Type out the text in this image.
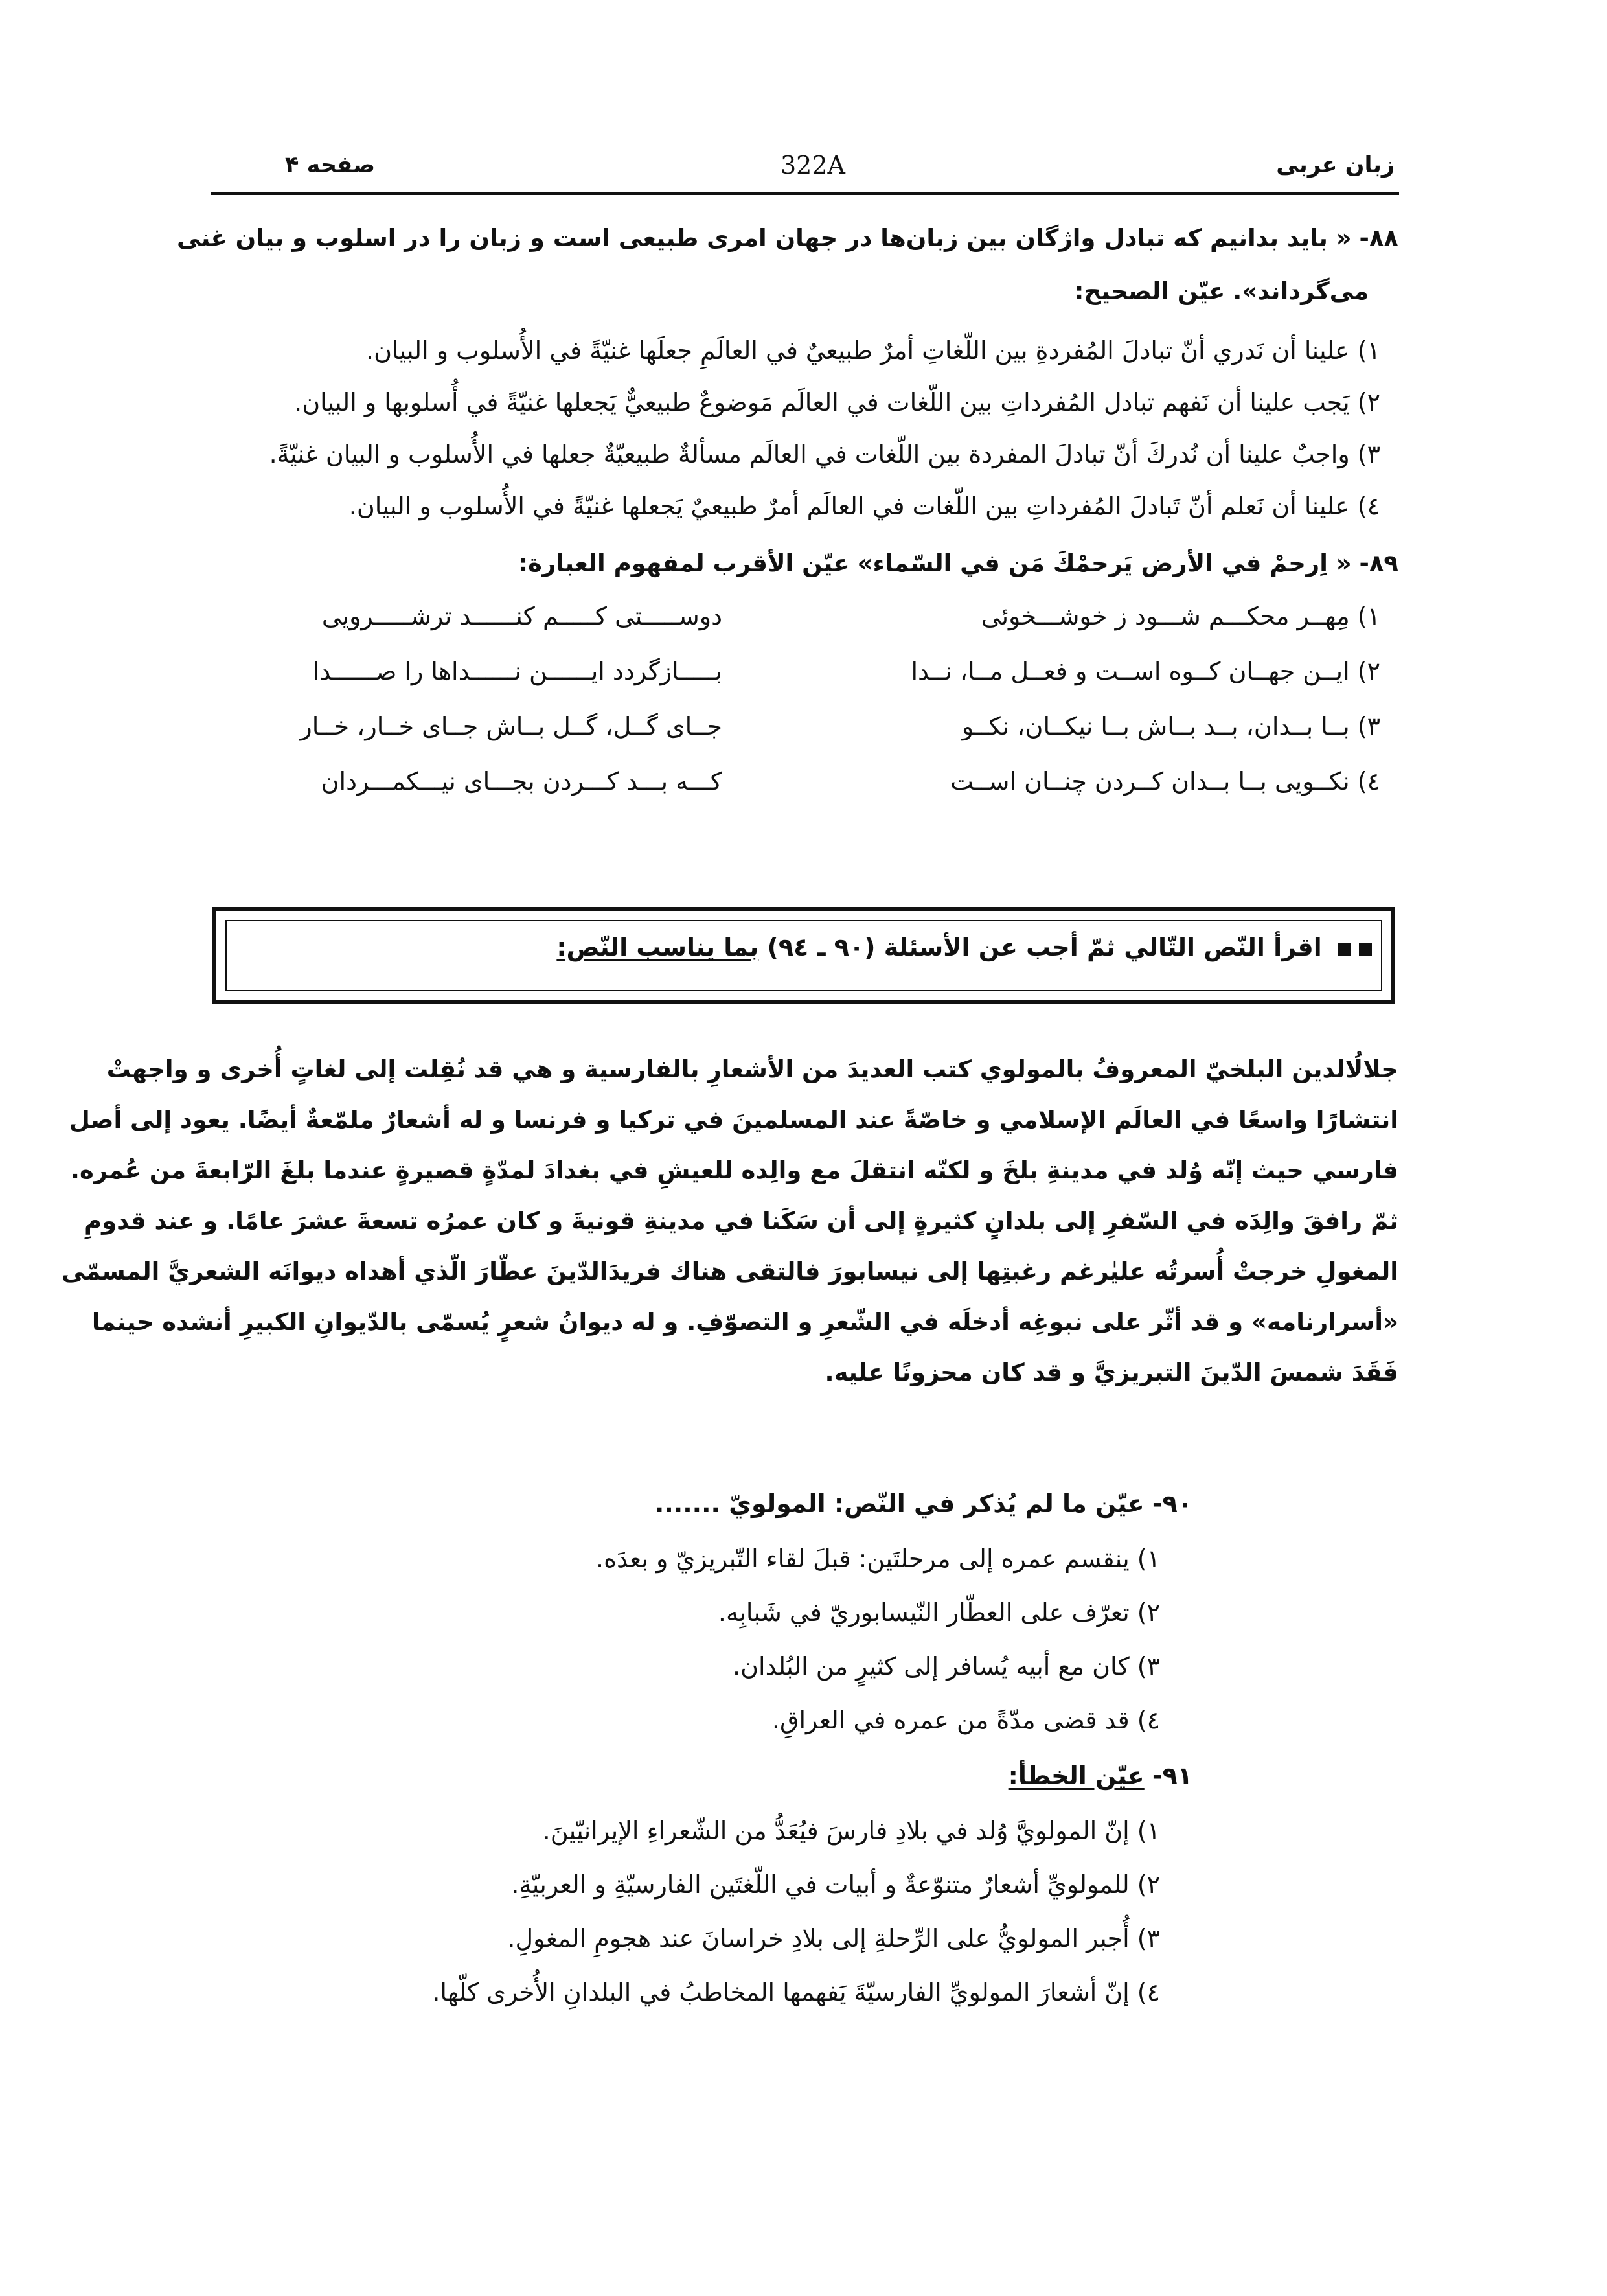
زبان عربی
322A
صفحه ۴
۸۸- « باید بدانیم که تبادل واژگان بین زبان‌ها در جهان امری طبیعی است و زبان را در اسلوب و بیان غنی
می‌گرداند». عیّن الصحیح:
١) علینا أن نَدري أنّ تبادلَ المُفردةِ بین اللّغاتِ أمرٌ طبیعيٌ في العالَمِ جعلَها غنیّةً في الأُسلوب و البیان.
٢) یَجب علینا أن نَفهم تبادل المُفرداتِ بین اللّغات في العالَم مَوضوعٌ طبیعيٌّ یَجعلها غنیّةً في أُسلوبها و البیان.
٣) واجبٌ علینا أن نُدركَ أنّ تبادلَ المفردة بین اللّغات في العالَم مسألةٌ طبیعیّةٌ جعلها في الأُسلوب و البیان غنیّةً.
٤) علینا أن نَعلم أنّ تَبادلَ المُفرداتِ بین اللّغات في العالَم أمرٌ طبیعيٌ یَجعلها غنیّةً في الأُسلوب و البیان.
۸۹- « اِرحمْ في الأرض یَرحمْكَ مَن في السّماء» عیّن الأقرب لمفهوم العبارة:
١) مِهــر محکـــم شـــود ز خوشـــخوئی
دوســـــتی کـــــم کنــــــد ترشـــــرویی
٢) ایــن جهــان کــوه اســت و فعــل مــا، نــدا
بـــــازگردد ایــــــن نــــــداها را صــــــدا
٣) بــا بــدان، بــد بــاش بــا نیکــان، نکــو
جــای گــل، گــل بــاش جــای خــار، خــار
٤) نکــویی بــا بــدان کــردن چنــان اســت
کـــه بـــد کـــردن بجـــای نیـــکمـــردان
اقرأ النّص التّالي ثمّ أجب عن الأسئلة (٩٠ ـ ٩٤) بما یناسب النّص:
جلالُالدین البلخيّ المعروفُ بالمولوي کتب العدیدَ من الأشعارِ بالفارسیة و هي قد نُقِلت إلی لغاتٍ أُخری و واجهتْ
انتشارًا واسعًا في العالَم الإسلامي و خاصّةً عند المسلمینَ في ترکیا و فرنسا و له أشعارٌ ملمّعةٌ أیضًا. یعود إلی أصل
فارسي حیث إنّه وُلد في مدینةِ بلخَ و لکنّه انتقلَ مع والِده للعیشِ في بغدادَ لمدّةٍ قصیرةٍ عندما بلغَ الرّابعةَ من عُمره.
ثمّ رافقَ والِدَه في السّفرِ إلی بلدانٍ کثیرةٍ إلی أن سَکَنا في مدینةِ قونیةَ و کان عمرُه تسعةَ عشرَ عامًا. و عند قدومِ
المغولِ خرجتْ أُسرتُه علیٰرغم رغبتِها إلی نیسابورَ فالتقی هناك فریدَالدّینَ عطّارَ الّذي أهداه دیوانَه الشعريَّ المسمّی
«أسرارنامه» و قد أثّر علی نبوغِه أدخلَه في الشّعرِ و التصوّفِ. و له دیوانُ شعرٍ یُسمّی بالدّیوانِ الکبیرِ أنشده حینما
فَقَدَ شمسَ الدّینَ التبریزيَّ و قد کان محزونًا علیه.
۹۰- عیّن ما لم یُذکر في النّص: المولويّ .......
١) ینقسم عمره إلی مرحلتَین: قبلَ لقاء التّبریزيّ و بعدَه.
٢) تعرّف علی العطّار النّیسابوريّ في شَبابِه.
٣) کان مع أبیه یُسافر إلی کثیرٍ من البُلدان.
٤) قد قضی مدّةً من عمره في العراقِ.
۹۱- عیّن الخطأ:
١) إنّ المولويَّ وُلد في بلادِ فارسَ فیُعَدُّ من الشّعراءِ الإیرانیّینَ.
٢) للمولويِّ أشعارٌ متنوّعةٌ و أبیات في اللّغتَین الفارسیّةِ و العربیّةِ.
٣) أُجبر المولويُّ علی الرِّحلةِ إلی بلادِ خراسانَ عند هجومِ المغولِ.
٤) إنّ أشعارَ المولويِّ الفارسیّةَ یَفهمها المخاطبُ في البلدانِ الأُخری کلّها.
